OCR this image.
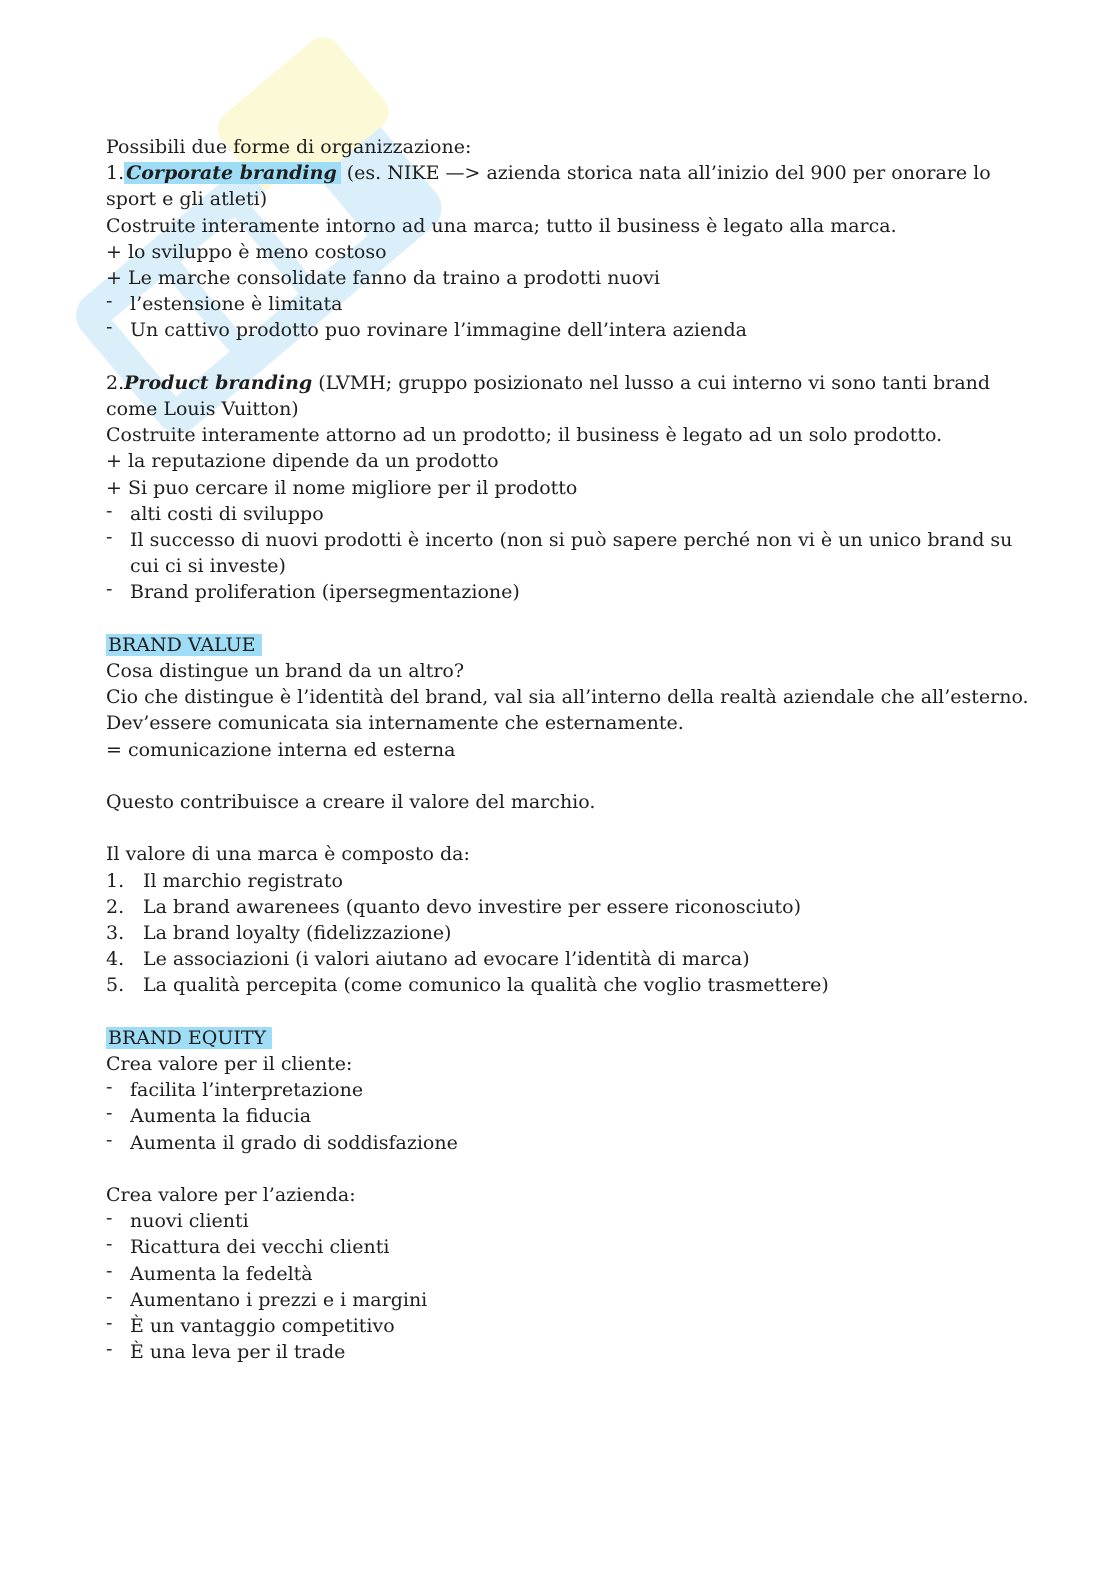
Possibili due forme di organizzazione:
1. Corporate branding (es. NIKE —> azienda storica nata all’inizio del 900 per onorare lo sport e gli atleti)
Costruite interamente intorno ad una marca; tutto il business è legato alla marca.
+ lo sviluppo è meno costoso
+ Le marche consolidate fanno da traino a prodotti nuovi
- l’estensione è limitata
- Un cattivo prodotto puo rovinare l’immagine dell’intera azienda
2.Product branding (LVMH; gruppo posizionato nel lusso a cui interno vi sono tanti brand come Louis Vuitton)
Costruite interamente attorno ad un prodotto; il business è legato ad un solo prodotto.
+ la reputazione dipende da un prodotto
+ Si puo cercare il nome migliore per il prodotto
- alti costi di sviluppo
- Il successo di nuovi prodotti è incerto (non si può sapere perché non vi è un unico brand su cui ci si investe)
- Brand proliferation (ipersegmentazione)
BRAND VALUE
Cosa distingue un brand da un altro?
Cio che distingue è l’identità del brand, val sia all’interno della realtà aziendale che all’esterno.
Dev’essere comunicata sia internamente che esternamente.
= comunicazione interna ed esterna
Questo contribuisce a creare il valore del marchio.
Il valore di una marca è composto da:
1. Il marchio registrato
2. La brand awarenees (quanto devo investire per essere riconosciuto)
3. La brand loyalty (fidelizzazione)
4. Le associazioni (i valori aiutano ad evocare l’identità di marca)
5. La qualità percepita (come comunico la qualità che voglio trasmettere)
BRAND EQUITY
Crea valore per il cliente:
- facilita l’interpretazione
- Aumenta la fiducia
- Aumenta il grado di soddisfazione
Crea valore per l’azienda:
- nuovi clienti
- Ricattura dei vecchi clienti
- Aumenta la fedeltà
- Aumentano i prezzi e i margini
- È un vantaggio competitivo
- È una leva per il trade
